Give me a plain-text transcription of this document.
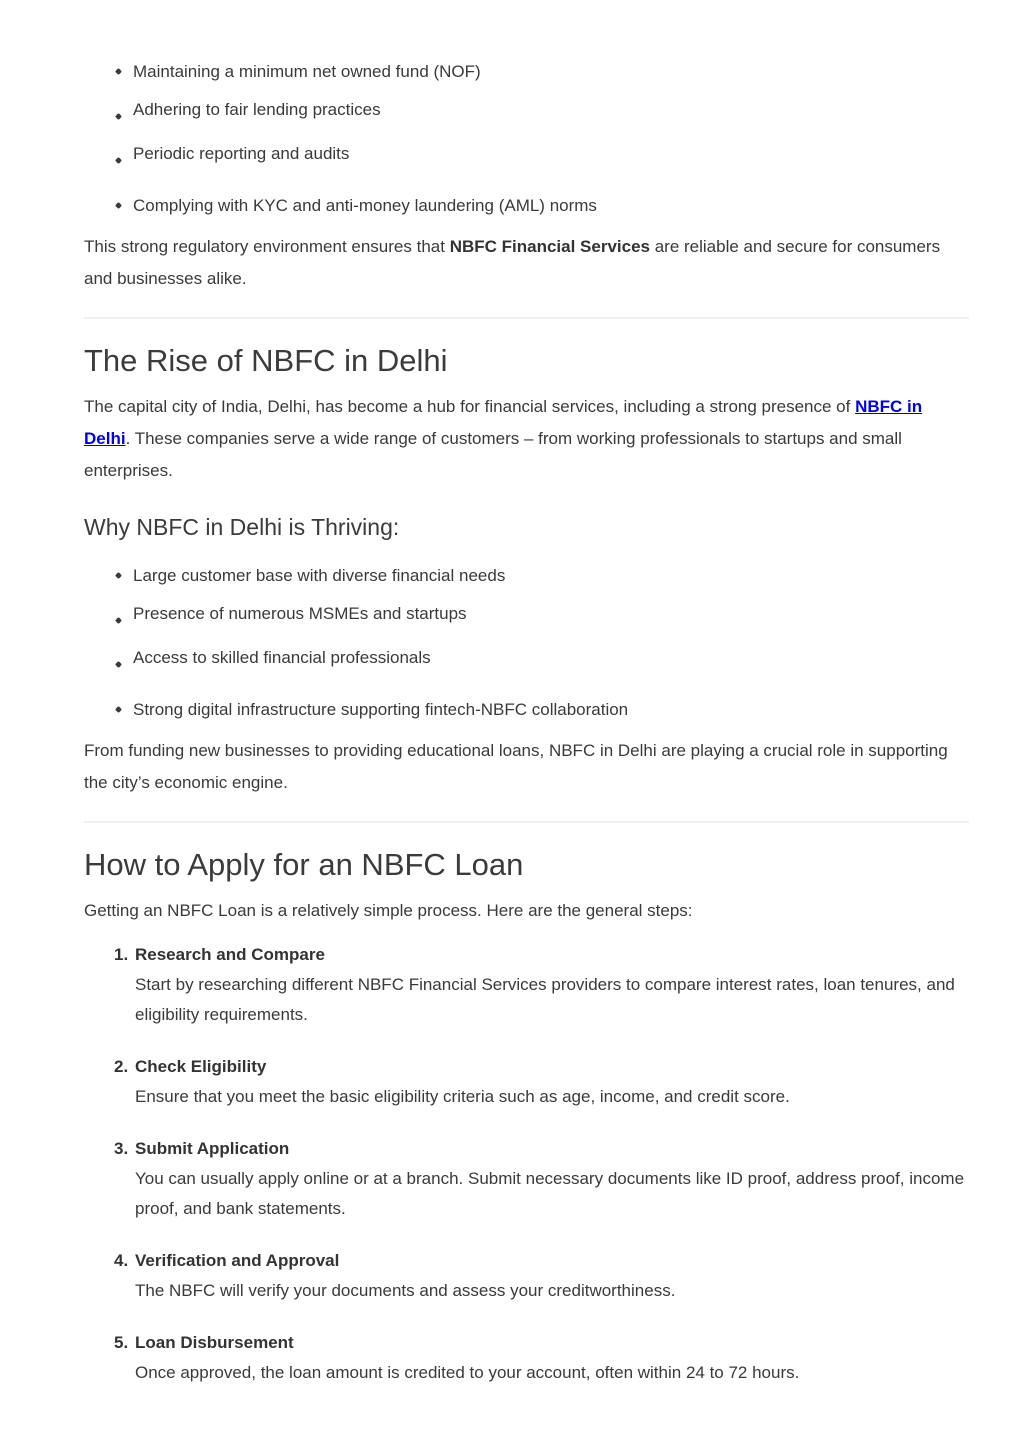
Maintaining a minimum net owned fund (NOF)
Adhering to fair lending practices
Periodic reporting and audits
Complying with KYC and anti-money laundering (AML) norms

This strong regulatory environment ensures that NBFC Financial Services are reliable and secure for consumers and businesses alike.

The Rise of NBFC in Delhi

The capital city of India, Delhi, has become a hub for financial services, including a strong presence of NBFC in Delhi. These companies serve a wide range of customers – from working professionals to startups and small enterprises.

Why NBFC in Delhi is Thriving:
Large customer base with diverse financial needs
Presence of numerous MSMEs and startups
Access to skilled financial professionals
Strong digital infrastructure supporting fintech-NBFC collaboration

From funding new businesses to providing educational loans, NBFC in Delhi are playing a crucial role in supporting the city’s economic engine.

How to Apply for an NBFC Loan

Getting an NBFC Loan is a relatively simple process. Here are the general steps:

1. Research and Compare
Start by researching different NBFC Financial Services providers to compare interest rates, loan tenures, and eligibility requirements.
2. Check Eligibility
Ensure that you meet the basic eligibility criteria such as age, income, and credit score.
3. Submit Application
You can usually apply online or at a branch. Submit necessary documents like ID proof, address proof, income proof, and bank statements.
4. Verification and Approval
The NBFC will verify your documents and assess your creditworthiness.
5. Loan Disbursement
Once approved, the loan amount is credited to your account, often within 24 to 72 hours.
